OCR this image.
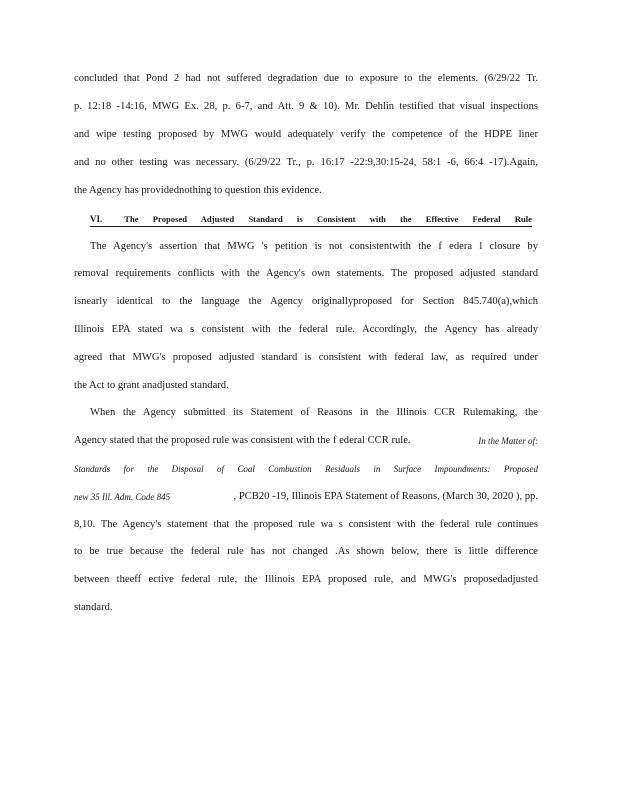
concluded that Pond 2 had not suffered degradation due to exposure to the elements. (6/29/22 Tr.
p. 12:18 -14:16, MWG Ex. 28, p. 6-7, and Att. 9 & 10). Mr. Dehlin testified that visual inspections
and wipe testing proposed by MWG would adequately verify the competence of the HDPE liner
and no other testing was necessary. (6/29/22 Tr., p. 16:17 -22:9,30:15-24, 58:1 -6, 66:4 -17).Again,
the Agency has providednothing to question this evidence.
VI.	The Proposed Adjusted Standard is Consistent with the Effective Federal Rule
The Agency's assertion that MWG 's petition is not consistentwith the f edera l closure by
removal requirements conflicts with the Agency's own statements. The proposed adjusted standard
isnearly identical to the language the Agency originallyproposed for Section 845.740(a),which
Illinois EPA stated wa s consistent with the federal rule. Accordingly, the Agency has already
agreed that MWG's proposed adjusted standard is consistent with federal law, as required under
the Act to grant anadjusted standard.
When the Agency submitted its Statement of Reasons in the Illinois CCR Rulemaking, the
Agency stated that the proposed rule was consistent with the f ederal CCR rule.	In the Matter of:
Standards for the Disposal of Coal Combustion Residuals in Surface Impoundments: Proposed
new 35 Ill. Adm. Code 845	, PCB20 -19, Illinois EPA Statement of Reasons, (March 30, 2020 ), pp.
8,10. The Agency's statement that the proposed rule wa s consistent with the federal rule continues
to be true because the federal rule has not changed .As shown below, there is little difference
between theeff ective federal rule, the Illinois EPA proposed rule, and MWG's proposedadjusted
standard.
